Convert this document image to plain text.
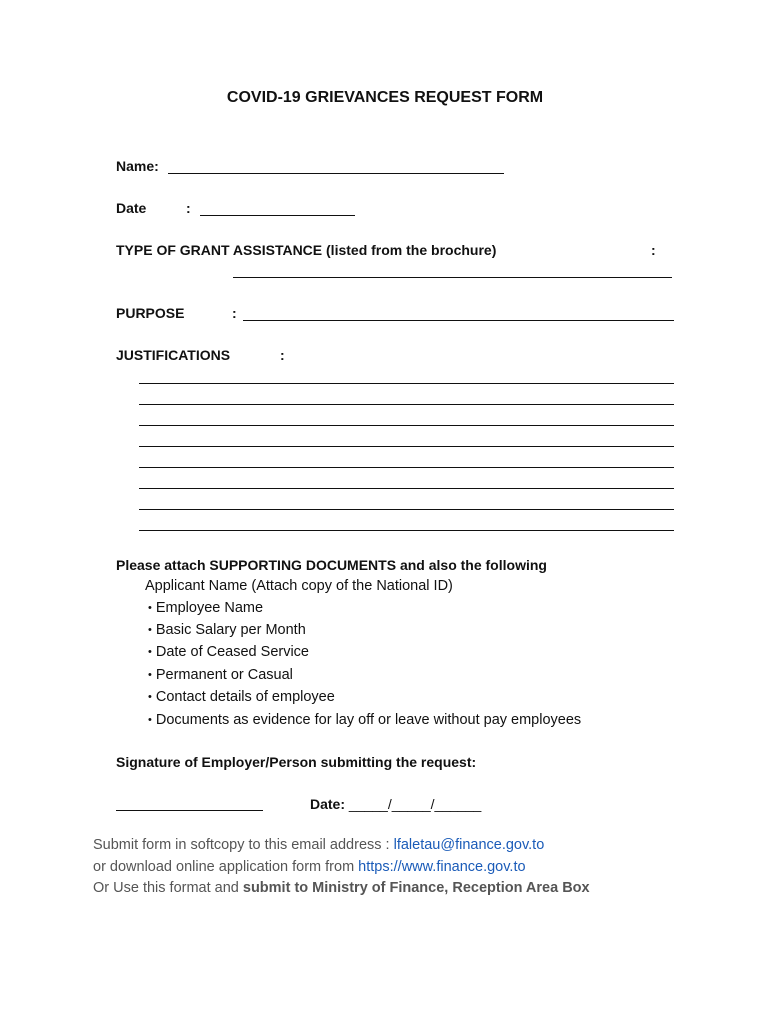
COVID-19 GRIEVANCES REQUEST FORM
Name:
Date	:
TYPE OF GRANT ASSISTANCE (listed from the brochure)	:
PURPOSE	:
JUSTIFICATIONS	:
Please attach SUPPORTING DOCUMENTS and also the following
Applicant Name (Attach copy of the National ID)
• Employee Name
• Basic Salary per Month
• Date of Ceased Service
• Permanent or Casual
• Contact details of employee
• Documents as evidence for lay off or leave without pay employees
Signature of Employer/Person submitting the request:
Date: _____/_____/______
Submit form in softcopy to this email address : lfaletau@finance.gov.to
or download online application form from https://www.finance.gov.to
Or Use this format and submit to Ministry of Finance, Reception Area Box
